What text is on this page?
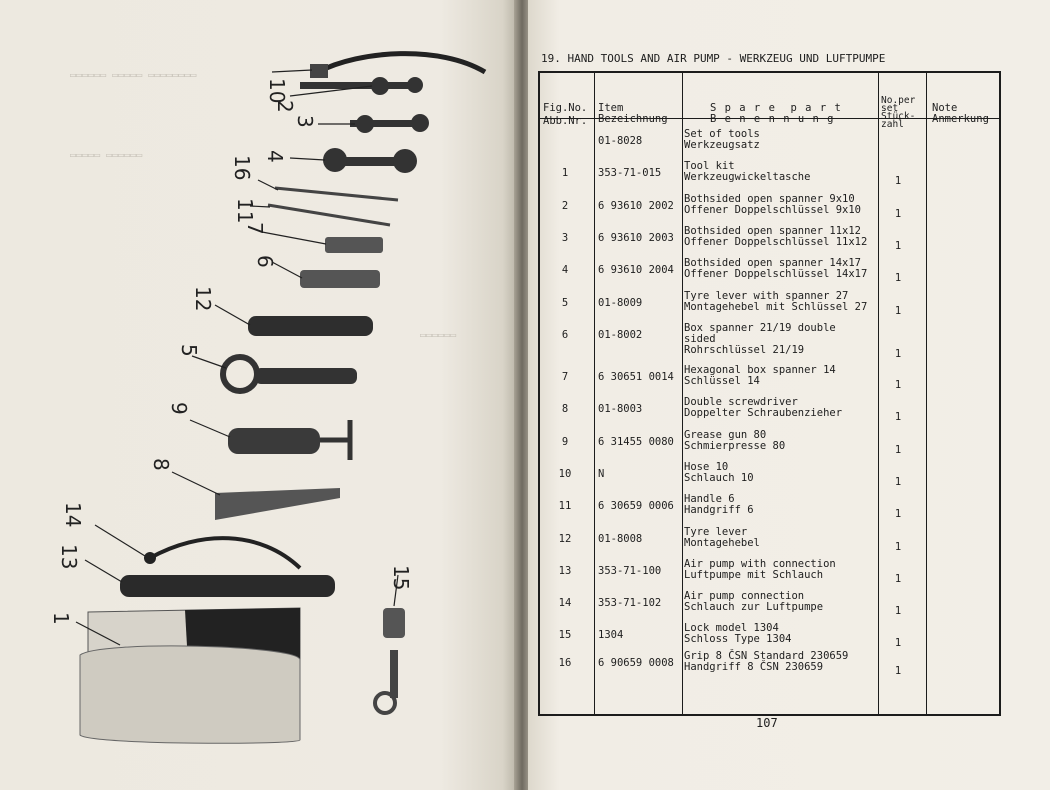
▭▭▭▭▭▭ ▭▭▭▭▭ ▭▭▭▭▭▭▭▭
▭▭▭▭▭ ▭▭▭▭▭▭
▭▭▭▭▭▭
10
2
3
4
16
11
7
6
12
5
9
8
14
13
1
15
19. HAND TOOLS AND AIR PUMP - WERKZEUG UND LUFTPUMPE

Fig.No.
Abb.Nr.

Item
Bezeichnung

S p a r e  p a r t
B e n e n n u n g

No.per
set
Stück-
zahl

Note
Anmerkung

01-8028
Set of tools
Werkzeugsatz
1	353-71-015
Tool kit
Werkzeugwickeltasche	1
2	6 93610 2002
Bothsided open spanner 9x10
Offener Doppelschlüssel 9x10	1
3	6 93610 2003
Bothsided open spanner 11x12
Offener Doppelschlüssel 11x12	1
4	6 93610 2004
Bothsided open spanner 14x17
Offener Doppelschlüssel 14x17	1
5	01-8009
Tyre lever with spanner 27
Montagehebel mit Schlüssel 27	1
6	01-8002
Box spanner 21/19 double
sided
Rohrschlüssel 21/19	1
7	6 30651 0014
Hexagonal box spanner 14
Schlüssel 14	1
8	01-8003
Double screwdriver
Doppelter Schraubenzieher	1
9	6 31455 0080
Grease gun 80
Schmierpresse 80	1
10	N
Hose 10
Schlauch 10	1
11	6 30659 0006
Handle 6
Handgriff 6	1
12	01-8008
Tyre lever
Montagehebel	1
13	353-71-100
Air pump with connection
Luftpumpe mit Schlauch	1
14	353-71-102
Air pump connection
Schlauch zur Luftpumpe	1
15	1304
Lock model 1304
Schloss Type 1304	1
16	6 90659 0008
Grip 8 ČSN Standard 230659
Handgriff 8 ČSN 230659	1
107
